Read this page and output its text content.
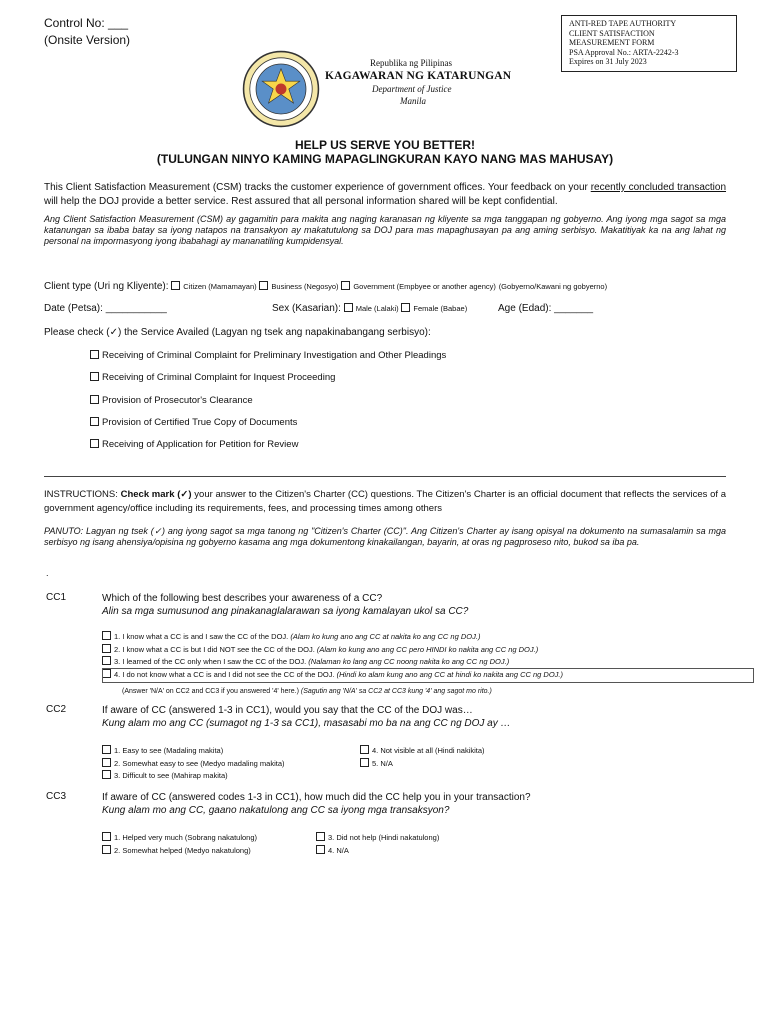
Control No: ___
(Onsite Version)
ANTI-RED TAPE AUTHORITY
CLIENT SATISFACTION
MEASUREMENT FORM
PSA Approval No.: ARTA-2242-3
Expires on 31 July 2023
Republika ng Pilipinas
KAGAWARAN NG KATARUNGAN
Department of Justice
Manila
HELP US SERVE YOU BETTER!
(TULUNGAN NINYO KAMING MAPAGLINGKURAN KAYO NANG MAS MAHUSAY)
This Client Satisfaction Measurement (CSM) tracks the customer experience of government offices. Your feedback on your recently concluded transaction will help the DOJ provide a better service. Rest assured that all personal information shared will be kept confidential.
Ang Client Satisfaction Measurement (CSM) ay gagamitin para makita ang naging karanasan ng kliyente sa mga tanggapan ng gobyerno. Ang iyong mga sagot sa mga katanungan sa ibaba batay sa iyong natapos na transakyon ay makatutulong sa DOJ para mas mapaghusayan pa ang aming serbisyo. Makatitiyak ka na ang lahat ng personal na impormasyong iyong ibabahagi ay mananatiling kumpidensyal.
Client type (Uri ng Kliyente): Citizen (Mamamayan) Business (Negosyo) Government (Empbyee or another agency) (Gobyerno/Kawani ng gobyerno)
Date (Petsa): ___________	Sex (Kasarian): Male (Lalaki) Female (Babae)	Age (Edad): _______
Please check (✓) the Service Availed (Lagyan ng tsek ang napakinabangang serbisyo):
Receiving of Criminal Complaint for Preliminary Investigation and Other Pleadings
Receiving of Criminal Complaint for Inquest Proceeding
Provision of Prosecutor's Clearance
Provision of Certified True Copy of Documents
Receiving of Application for Petition for Review
INSTRUCTIONS: Check mark (✓) your answer to the Citizen's Charter (CC) questions. The Citizen's Charter is an official document that reflects the services of a government agency/office including its requirements, fees, and processing times among others
PANUTO: Lagyan ng tsek (✓) ang iyong sagot sa mga tanong ng "Citizen's Charter (CC)". Ang Citizen's Charter ay isang opisyal na dokumento na sumasalamin sa mga serbisyo ng isang ahensiya/opisina ng gobyerno kasama ang mga dokumentong kinakailangan, bayarin, at oras ng pagproseso nito, bukod sa iba pa.
.
CC1	Which of the following best describes your awareness of a CC?
Alin sa mga sumusunod ang pinakanaglalarawan sa iyong kamalayan ukol sa CC?
1. I know what a CC is and I saw the CC of the DOJ. (Alam ko kung ano ang CC at nakita ko ang CC ng DOJ.)
2. I know what a CC is but I did NOT see the CC of the DOJ. (Alam ko kung ano ang CC pero HINDI ko nakita ang CC ng DOJ.)
3. I learned of the CC only when I saw the CC of the DOJ. (Nalaman ko lang ang CC noong nakita ko ang CC ng DOJ.)
4. I do not know what a CC is and I did not see the CC of the DOJ. (Hindi ko alam kung ano ang CC at hindi ko nakita ang CC ng DOJ.)
(Answer 'N/A' on CC2 and CC3 if you answered '4' here.) (Sagutin ang 'N/A' sa CC2 at CC3 kung '4' ang sagot mo rito.)
CC2	If aware of CC (answered 1-3 in CC1), would you say that the CC of the DOJ was…
Kung alam mo ang CC (sumagot ng 1-3 sa CC1), masasabi mo ba na ang CC ng DOJ ay …
1. Easy to see (Madaling makita)
2. Somewhat easy to see (Medyo madaling makita)
3. Difficult to see (Mahirap makita)
4. Not visible at all (Hindi nakikita)
5. N/A
CC3	If aware of CC (answered codes 1-3 in CC1), how much did the CC help you in your transaction?
Kung alam mo ang CC, gaano nakatulong ang CC sa iyong mga transaksyon?
1. Helped very much (Sobrang nakatulong)
2. Somewhat helped (Medyo nakatulong)
3. Did not help (Hindi nakatulong)
4. N/A
